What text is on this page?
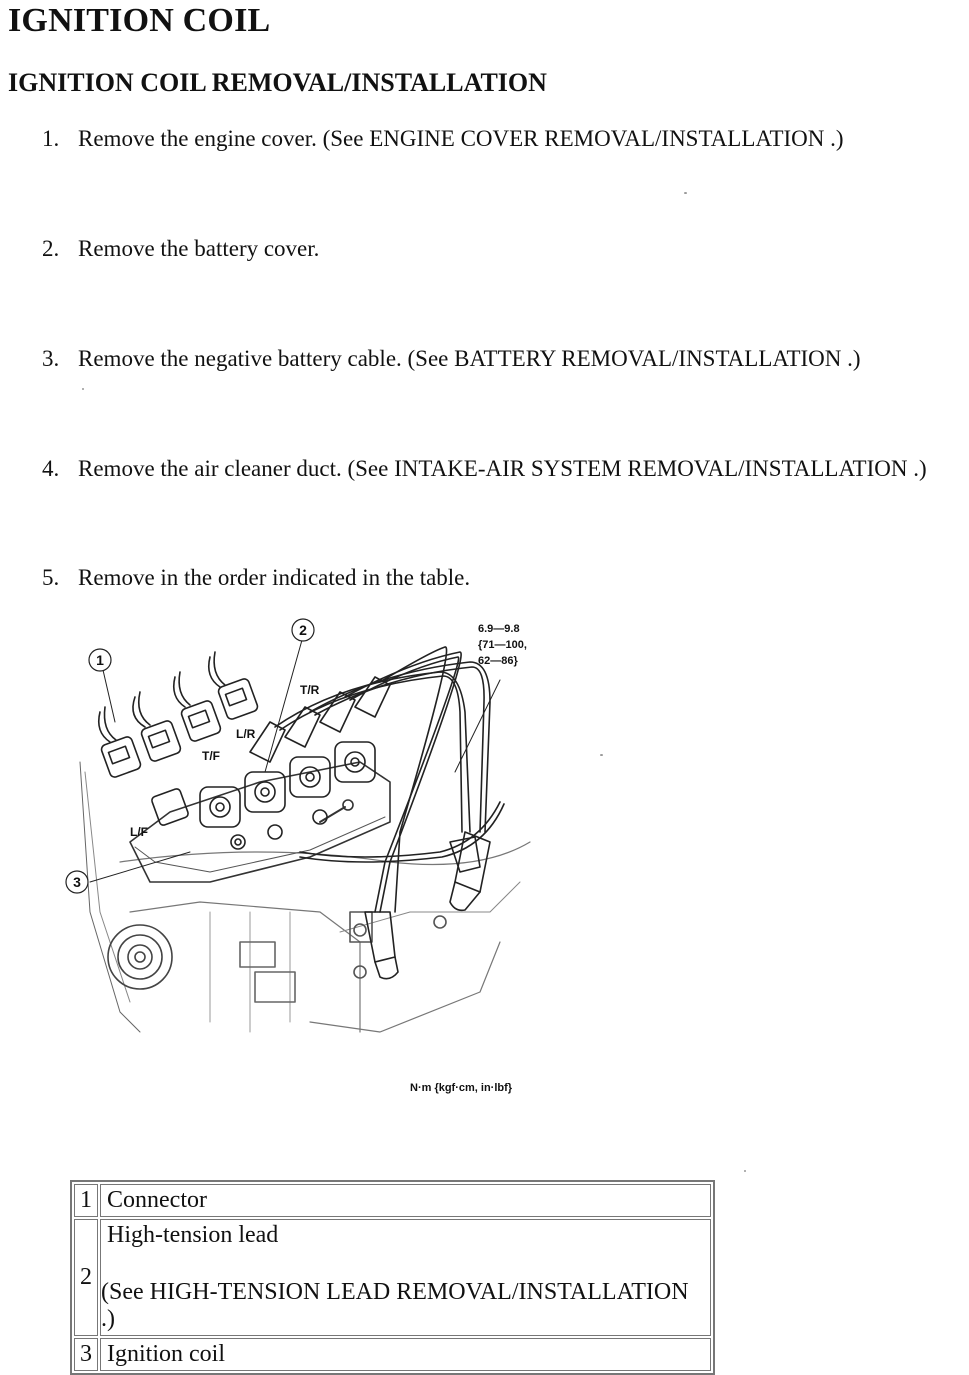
IGNITION COIL
IGNITION COIL REMOVAL/INSTALLATION
1. Remove the engine cover. (See ENGINE COVER REMOVAL/INSTALLATION .)
2. Remove the battery cover.
3. Remove the negative battery cable. (See BATTERY REMOVAL/INSTALLATION .)
4. Remove the air cleaner duct. (See INTAKE-AIR SYSTEM REMOVAL/INSTALLATION .)
5. Remove in the order indicated in the table.
1
2
3
T/R
L/R
T/F
L/F
6.9—9.8
{71—100,
62—86}
N·m {kgf·cm, in·lbf}
1	Connector
2	High-tension lead
(See HIGH-TENSION LEAD REMOVAL/INSTALLATION .)

3	Ignition coil
